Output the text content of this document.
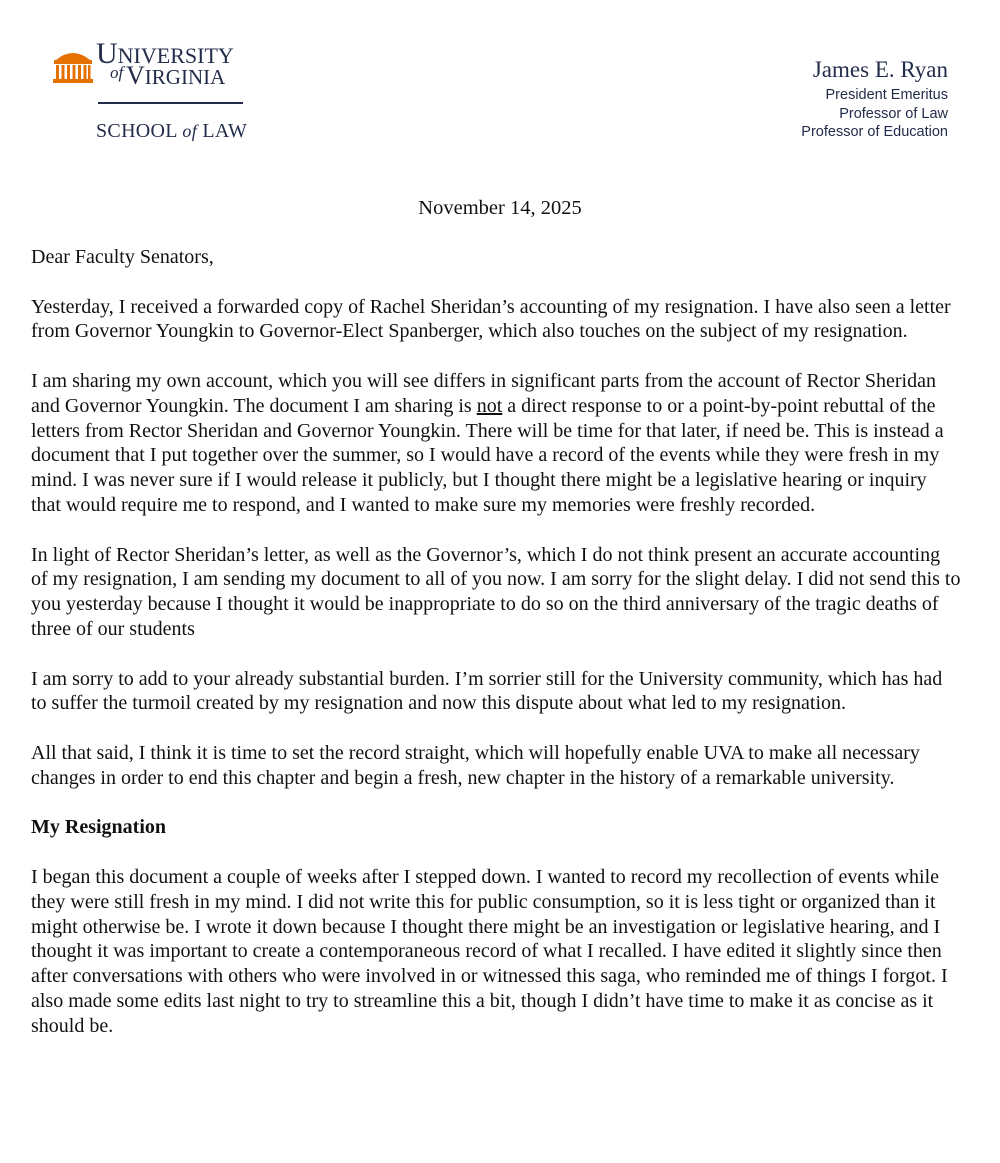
UNIVERSITY
of VIRGINIA
SCHOOL of LAW
James E. Ryan
President Emeritus
Professor of Law
Professor of Education
November 14, 2025

Dear Faculty Senators,

Yesterday, I received a forwarded copy of Rachel Sheridan’s accounting of my resignation. I have also seen a letter from Governor Youngkin to Governor-Elect Spanberger, which also touches on the subject of my resignation.

I am sharing my own account, which you will see differs in significant parts from the account of Rector Sheridan and Governor Youngkin. The document I am sharing is not a direct response to or a point-by-point rebuttal of the letters from Rector Sheridan and Governor Youngkin. There will be time for that later, if need be. This is instead a document that I put together over the summer, so I would have a record of the events while they were fresh in my mind. I was never sure if I would release it publicly, but I thought there might be a legislative hearing or inquiry that would require me to respond, and I wanted to make sure my memories were freshly recorded.

In light of Rector Sheridan’s letter, as well as the Governor’s, which I do not think present an accurate accounting of my resignation, I am sending my document to all of you now. I am sorry for the slight delay. I did not send this to you yesterday because I thought it would be inappropriate to do so on the third anniversary of the tragic deaths of three of our students

I am sorry to add to your already substantial burden. I’m sorrier still for the University community, which has had to suffer the turmoil created by my resignation and now this dispute about what led to my resignation.

All that said, I think it is time to set the record straight, which will hopefully enable UVA to make all necessary changes in order to end this chapter and begin a fresh, new chapter in the history of a remarkable university.

My Resignation

I began this document a couple of weeks after I stepped down. I wanted to record my recollection of events while they were still fresh in my mind. I did not write this for public consumption, so it is less tight or organized than it might otherwise be. I wrote it down because I thought there might be an investigation or legislative hearing, and I thought it was important to create a contemporaneous record of what I recalled. I have edited it slightly since then after conversations with others who were involved in or witnessed this saga, who reminded me of things I forgot. I also made some edits last night to try to streamline this a bit, though I didn’t have time to make it as concise as it should be.
